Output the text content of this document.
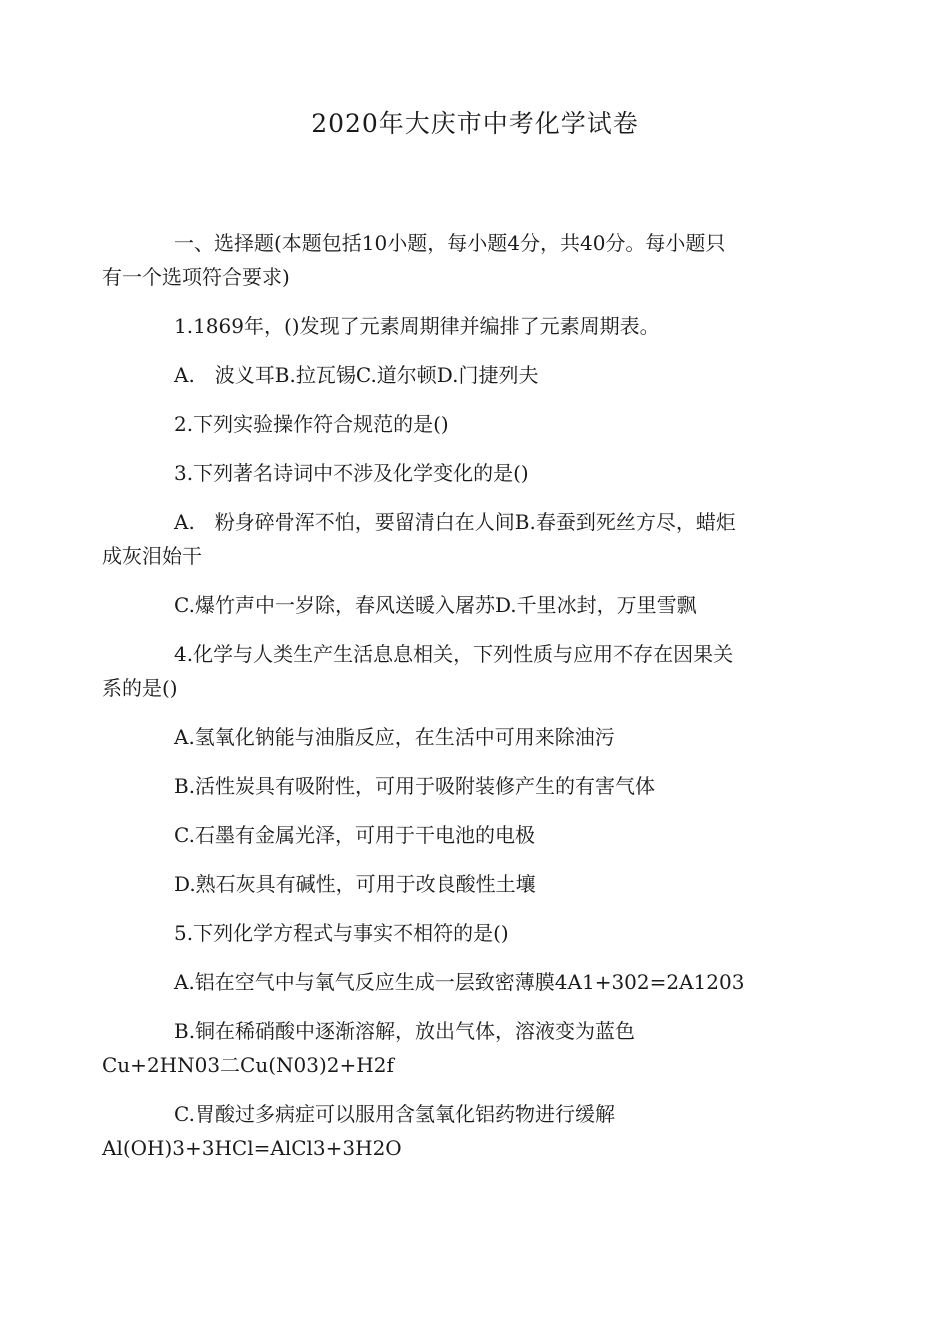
2020年大庆市中考化学试卷

一、选择题(本题包括10小题，每小题4分，共40分。每小题只
有一个选项符合要求)

1.1869年，()发现了元素周期律并编排了元素周期表。

A.　波义耳B.拉瓦锡C.道尔顿D.门捷列夫

2.下列实验操作符合规范的是()

3.下列著名诗词中不涉及化学变化的是()

A.　粉身碎骨浑不怕，要留清白在人间B.春蚕到死丝方尽，蜡炬
成灰泪始干

C.爆竹声中一岁除，春风送暖入屠苏D.千里冰封，万里雪飘

4.化学与人类生产生活息息相关，下列性质与应用不存在因果关
系的是()

A.氢氧化钠能与油脂反应，在生活中可用来除油污

B.活性炭具有吸附性，可用于吸附装修产生的有害气体

C.石墨有金属光泽，可用于干电池的电极

D.熟石灰具有碱性，可用于改良酸性土壤

5.下列化学方程式与事实不相符的是()

A.铝在空气中与氧气反应生成一层致密薄膜4A1+302=2A1203

B.铜在稀硝酸中逐渐溶解，放出气体，溶液变为蓝色
Cu+2HN03二Cu(N03)2+H2f

C.胃酸过多病症可以服用含氢氧化铝药物进行缓解
Al(OH)3+3HCl=AlCl3+3H2O
